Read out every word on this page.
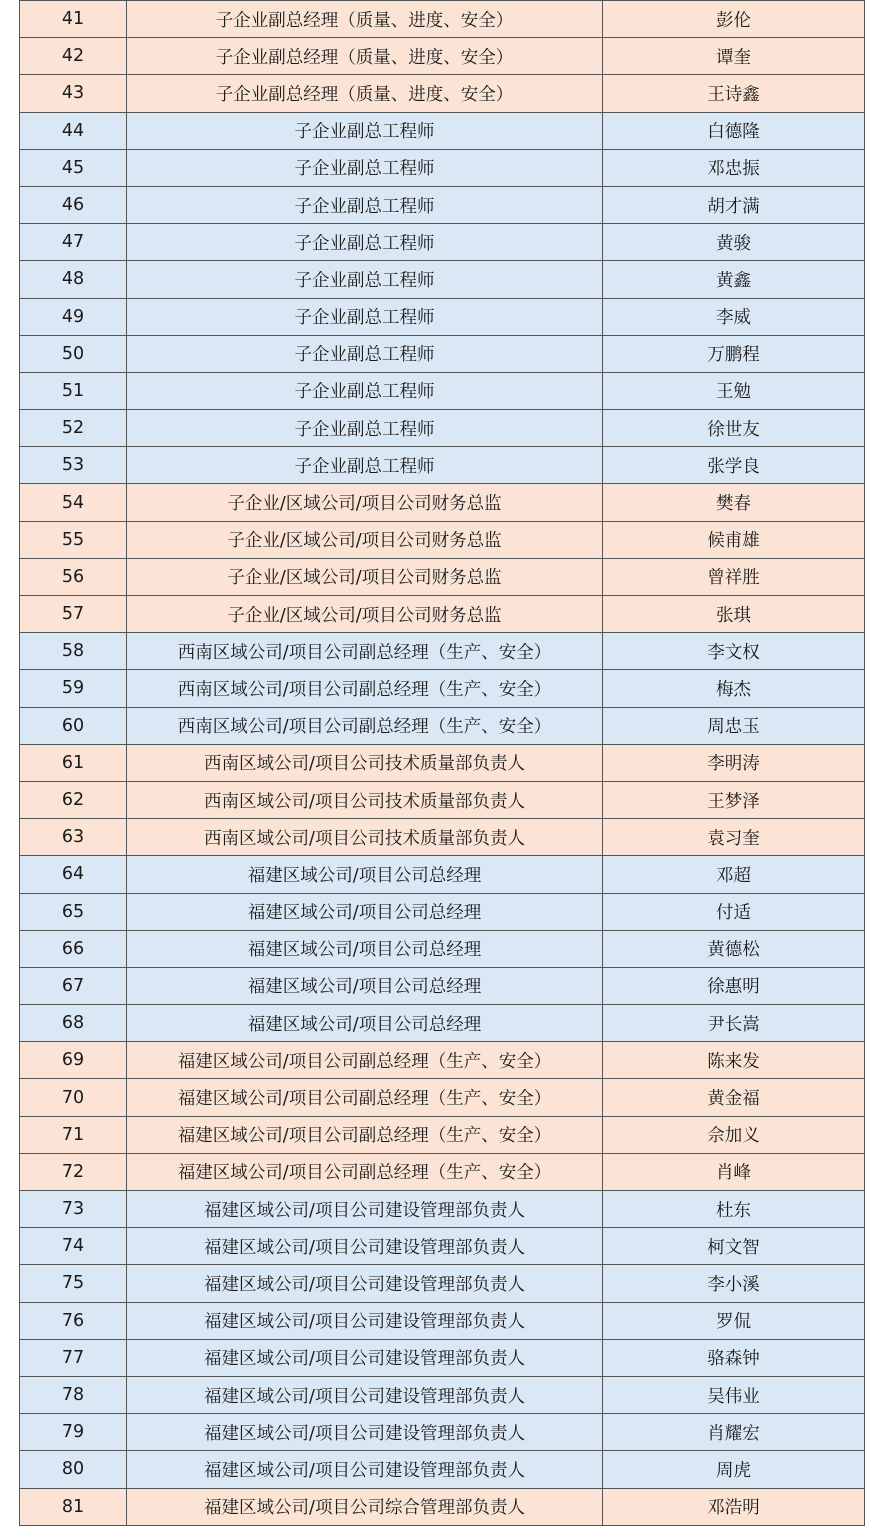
41	子企业副总经理（质量、进度、安全）	彭伦
42	子企业副总经理（质量、进度、安全）	谭奎
43	子企业副总经理（质量、进度、安全）	王诗鑫
44	子企业副总工程师	白德隆
45	子企业副总工程师	邓忠振
46	子企业副总工程师	胡才满
47	子企业副总工程师	黄骏
48	子企业副总工程师	黄鑫
49	子企业副总工程师	李威
50	子企业副总工程师	万鹏程
51	子企业副总工程师	王勉
52	子企业副总工程师	徐世友
53	子企业副总工程师	张学良
54	子企业/区域公司/项目公司财务总监	樊春
55	子企业/区域公司/项目公司财务总监	候甫雄
56	子企业/区域公司/项目公司财务总监	曾祥胜
57	子企业/区域公司/项目公司财务总监	张琪
58	西南区域公司/项目公司副总经理（生产、安全）	李文权
59	西南区域公司/项目公司副总经理（生产、安全）	梅杰
60	西南区域公司/项目公司副总经理（生产、安全）	周忠玉
61	西南区域公司/项目公司技术质量部负责人	李明涛
62	西南区域公司/项目公司技术质量部负责人	王梦泽
63	西南区域公司/项目公司技术质量部负责人	袁习奎
64	福建区域公司/项目公司总经理	邓超
65	福建区域公司/项目公司总经理	付适
66	福建区域公司/项目公司总经理	黄德松
67	福建区域公司/项目公司总经理	徐惠明
68	福建区域公司/项目公司总经理	尹长嵩
69	福建区域公司/项目公司副总经理（生产、安全）	陈来发
70	福建区域公司/项目公司副总经理（生产、安全）	黄金福
71	福建区域公司/项目公司副总经理（生产、安全）	佘加义
72	福建区域公司/项目公司副总经理（生产、安全）	肖峰
73	福建区域公司/项目公司建设管理部负责人	杜东
74	福建区域公司/项目公司建设管理部负责人	柯文智
75	福建区域公司/项目公司建设管理部负责人	李小溪
76	福建区域公司/项目公司建设管理部负责人	罗侃
77	福建区域公司/项目公司建设管理部负责人	骆森钟
78	福建区域公司/项目公司建设管理部负责人	吴伟业
79	福建区域公司/项目公司建设管理部负责人	肖耀宏
80	福建区域公司/项目公司建设管理部负责人	周虎
81	福建区域公司/项目公司综合管理部负责人	邓浩明
